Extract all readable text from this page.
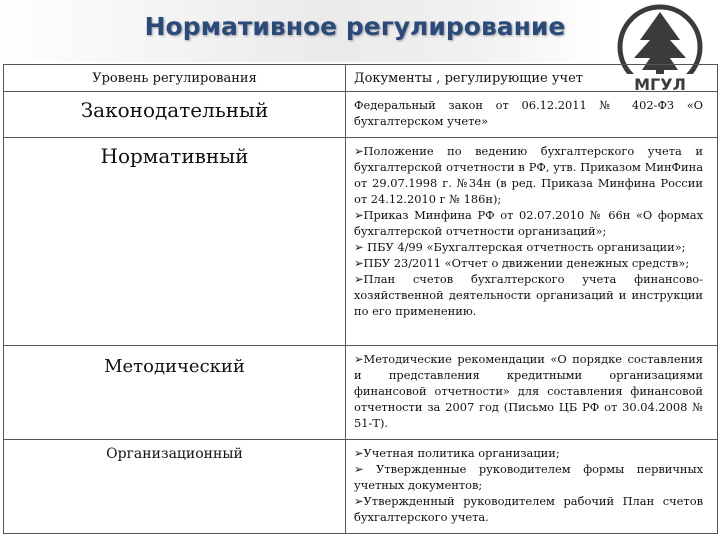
Нормативное регулирование
МГУЛ
Уровень регулирования	Документы , регулирующие учет
Законодательный	Федеральный закон от 06.12.2011 № 402-ФЗ «О бухгалтерском учете»

Нормативный	➢Положение по ведению бухгалтерского учета и бухгалтерской отчетности в РФ, утв. Приказом МинФина от 29.07.1998 г. №34н (в ред. Приказа Минфина России от 24.12.2010 г № 186н);
➢Приказ Минфина РФ от 02.07.2010 № 66н «О формах бухгалтерской отчетности организаций»;
➢ ПБУ 4/99 «Бухгалтерская отчетность организации»;
➢ПБУ 23/2011 «Отчет о движении денежных средств»;
➢План счетов бухгалтерского учета финансово-хозяйственной деятельности организаций и инструкции по его применению.

Методический	➢Методические рекомендации «О порядке составления и представления кредитными организациями финансовой отчетности» для составления финансовой отчетности за 2007 год (Письмо ЦБ РФ от 30.04.2008 № 51-Т).

Организационный	➢Учетная политика организации;
➢ Утвержденные руководителем формы первичных учетных документов;
➢Утвержденный руководителем рабочий План счетов бухгалтерского учета.
